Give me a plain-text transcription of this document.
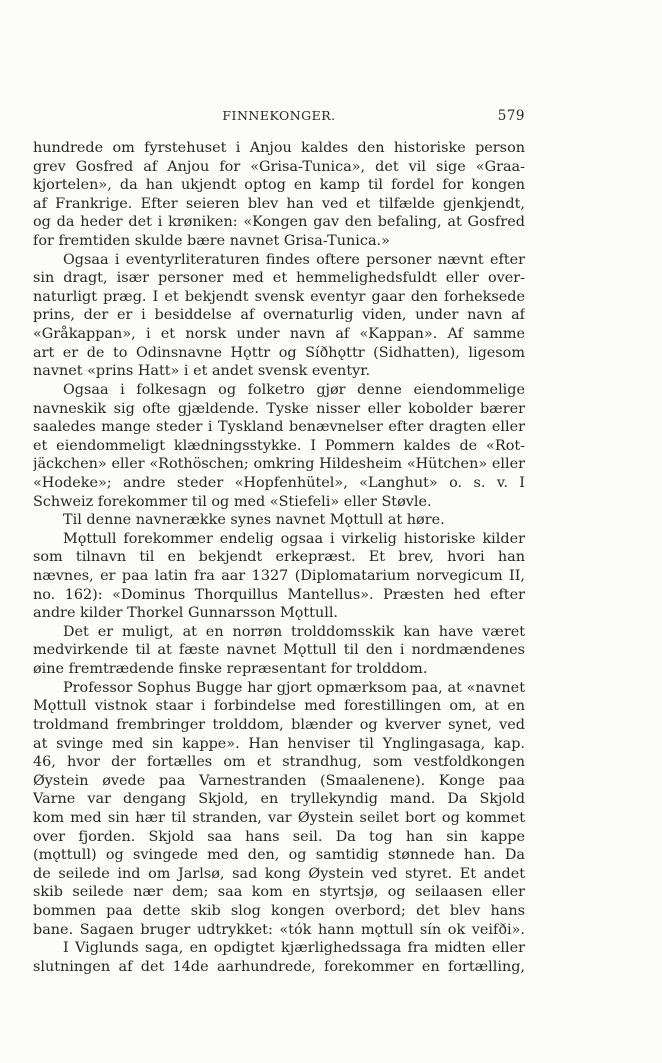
FINNEKONGER.	579
hundrede om fyrstehuset i Anjou kaldes den historiske person
grev Gosfred af Anjou for «Grisa-Tunica», det vil sige «Graa-
kjortelen», da han ukjendt optog en kamp til fordel for kongen
af Frankrige. Efter seieren blev han ved et tilfælde gjenkjendt,
og da heder det i krøniken: «Kongen gav den befaling, at Gosfred
for fremtiden skulde bære navnet Grisa-Tunica.»
Ogsaa i eventyrliteraturen findes oftere personer nævnt efter
sin dragt, især personer med et hemmelighedsfuldt eller over-
naturligt præg. I et bekjendt svensk eventyr gaar den forheksede
prins, der er i besiddelse af overnaturlig viden, under navn af
«Gråkappan», i et norsk under navn af «Kappan». Af samme
art er de to Odinsnavne Hǫttr og Síðhǫttr (Sidhatten), ligesom
navnet «prins Hatt» i et andet svensk eventyr.
Ogsaa i folkesagn og folketro gjør denne eiendommelige
navneskik sig ofte gjældende. Tyske nisser eller kobolder bærer
saaledes mange steder i Tyskland benævnelser efter dragten eller
et eiendommeligt klædningsstykke. I Pommern kaldes de «Rot-
jäckchen» eller «Rothöschen; omkring Hildesheim «Hütchen» eller
«Hodeke»; andre steder «Hopfenhütel», «Langhut» o. s. v. I
Schweiz forekommer til og med «Stiefeli» eller Støvle.
Til denne navnerække synes navnet Mǫttull at høre.
Mǫttull forekommer endelig ogsaa i virkelig historiske kilder
som tilnavn til en bekjendt erkepræst. Et brev, hvori han
nævnes, er paa latin fra aar 1327 (Diplomatarium norvegicum II,
no. 162): «Dominus Thorquillus Mantellus». Præsten hed efter
andre kilder Thorkel Gunnarsson Mǫttull.
Det er muligt, at en norrøn trolddomsskik kan have været
medvirkende til at fæste navnet Mǫttull til den i nordmændenes
øine fremtrædende finske repræsentant for trolddom.
Professor Sophus Bugge har gjort opmærksom paa, at «navnet
Mǫttull vistnok staar i forbindelse med forestillingen om, at en
troldmand frembringer trolddom, blænder og kverver synet, ved
at svinge med sin kappe». Han henviser til Ynglingasaga, kap.
46, hvor der fortælles om et strandhug, som vestfoldkongen
Øystein øvede paa Varnestranden (Smaalenene). Konge paa
Varne var dengang Skjold, en tryllekyndig mand. Da Skjold
kom med sin hær til stranden, var Øystein seilet bort og kommet
over fjorden. Skjold saa hans seil. Da tog han sin kappe
(mǫttull) og svingede med den, og samtidig stønnede han. Da
de seilede ind om Jarlsø, sad kong Øystein ved styret. Et andet
skib seilede nær dem; saa kom en styrtsjø, og seilaasen eller
bommen paa dette skib slog kongen overbord; det blev hans
bane. Sagaen bruger udtrykket: «tók hann mǫttull sín ok veifði».
I Viglunds saga, en opdigtet kjærlighedssaga fra midten eller
slutningen af det 14de aarhundrede, forekommer en fortælling,
